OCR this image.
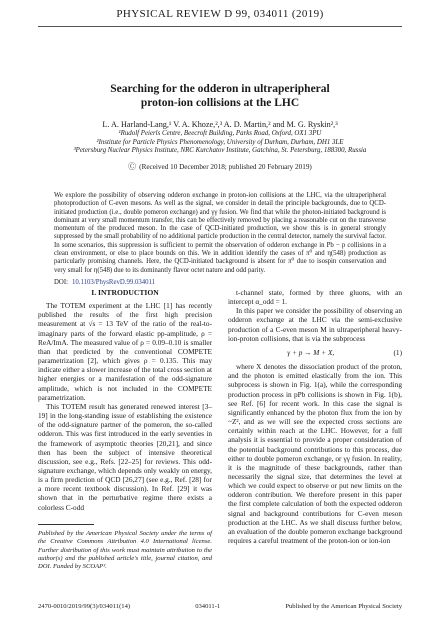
PHYSICAL REVIEW D 99, 034011 (2019)
Searching for the odderon in ultraperipheral
proton-ion collisions at the LHC
L. A. Harland-Lang,¹ V. A. Khoze,²,³ A. D. Martin,² and M. G. Ryskin²,³
¹Rudolf Peierls Centre, Beecroft Building, Parks Road, Oxford, OX1 3PU
²Institute for Particle Physics Phenomenology, University of Durham, Durham, DH1 3LE
³Petersburg Nuclear Physics Institute, NRC Kurchatov Institute, Gatchina, St. Petersburg, 188300, Russia
Ⓒ (Received 10 December 2018; published 20 February 2019)
We explore the possibility of observing odderon exchange in proton-ion collisions at the LHC, via the ultraperipheral photoproduction of C-even mesons. As well as the signal, we consider in detail the principle backgrounds, due to QCD-initiated production (i.e., double pomeron exchange) and γγ fusion. We find that while the photon-initiated background is dominant at very small momentum transfer, this can be effectively removed by placing a reasonable cut on the transverse momentum of the produced meson. In the case of QCD-initiated production, we show this is in general strongly suppressed by the small probability of no additional particle production in the central detector, namely the survival factor. In some scenarios, this suppression is sufficient to permit the observation of odderon exchange in Pb − p collisions in a clean environment, or else to place bounds on this. We in addition identify the cases of π⁰ and η(548) production as particularly promising channels. Here, the QCD-initiated background is absent for π⁰ due to isospin conservation and very small for η(548) due to its dominantly flavor octet nature and odd parity.
DOI: 10.1103/PhysRevD.99.034011
I. INTRODUCTION

The TOTEM experiment at the LHC [1] has recently published the results of the first high precision measurement at √s = 13 TeV of the ratio of the real-to-imaginary parts of the forward elastic pp-amplitude, ρ = ReA/ImA. The measured value of ρ = 0.09–0.10 is smaller than that predicted by the conventional COMPETE parametrization [2], which gives ρ = 0.135. This may indicate either a slower increase of the total cross section at higher energies or a manifestation of the odd-signature amplitude, which is not included in the COMPETE parametrization.

This TOTEM result has generated renewed interest [3–19] in the long-standing issue of establishing the existence of the odd-signature partner of the pomeron, the so-called odderon. This was first introduced in the early seventies in the framework of asymptotic theories [20,21], and since then has been the subject of intensive theoretical discussion, see e.g., Refs. [22–25] for reviews. This odd-signature exchange, which depends only weakly on energy, is a firm prediction of QCD [26,27] (see e.g., Ref. [28] for a more recent textbook discussion). In Ref. [29] it was shown that in the perturbative regime there exists a colorless C-odd

Published by the American Physical Society under the terms of the Creative Commons Attribution 4.0 International license. Further distribution of this work must maintain attribution to the author(s) and the published article's title, journal citation, and DOI. Funded by SCOAP³.

t-channel state, formed by three gluons, with an intercept α_odd = 1.

In this paper we consider the possibility of observing an odderon exchange at the LHC via the semi-exclusive production of a C-even meson M in ultraperipheral heavy-ion-proton collisions, that is via the subprocess

γ + p → M + X,	(1)

where X denotes the dissociation product of the proton, and the photon is emitted elastically from the ion. This subprocess is shown in Fig. 1(a), while the corresponding production process in pPb collisions is shown in Fig. 1(b), see Ref. [6] for recent work. In this case the signal is significantly enhanced by the photon flux from the ion by ~Z², and as we will see the expected cross sections are certainly within reach at the LHC. However, for a full analysis it is essential to provide a proper consideration of the potential background contributions to this process, due either to double pomeron exchange, or γγ fusion. In reality, it is the magnitude of these backgrounds, rather than necessarily the signal size, that determines the level at which we could expect to observe or put new limits on the odderon contribution. We therefore present in this paper the first complete calculation of both the expected odderon signal and background contributions for C-even meson production at the LHC. As we shall discuss further below, an evaluation of the double pomeron exchange background requires a careful treatment of the proton-ion or ion-ion

2470-0010/2019/99(3)/034011(14)	034011-1	Published by the American Physical Society
